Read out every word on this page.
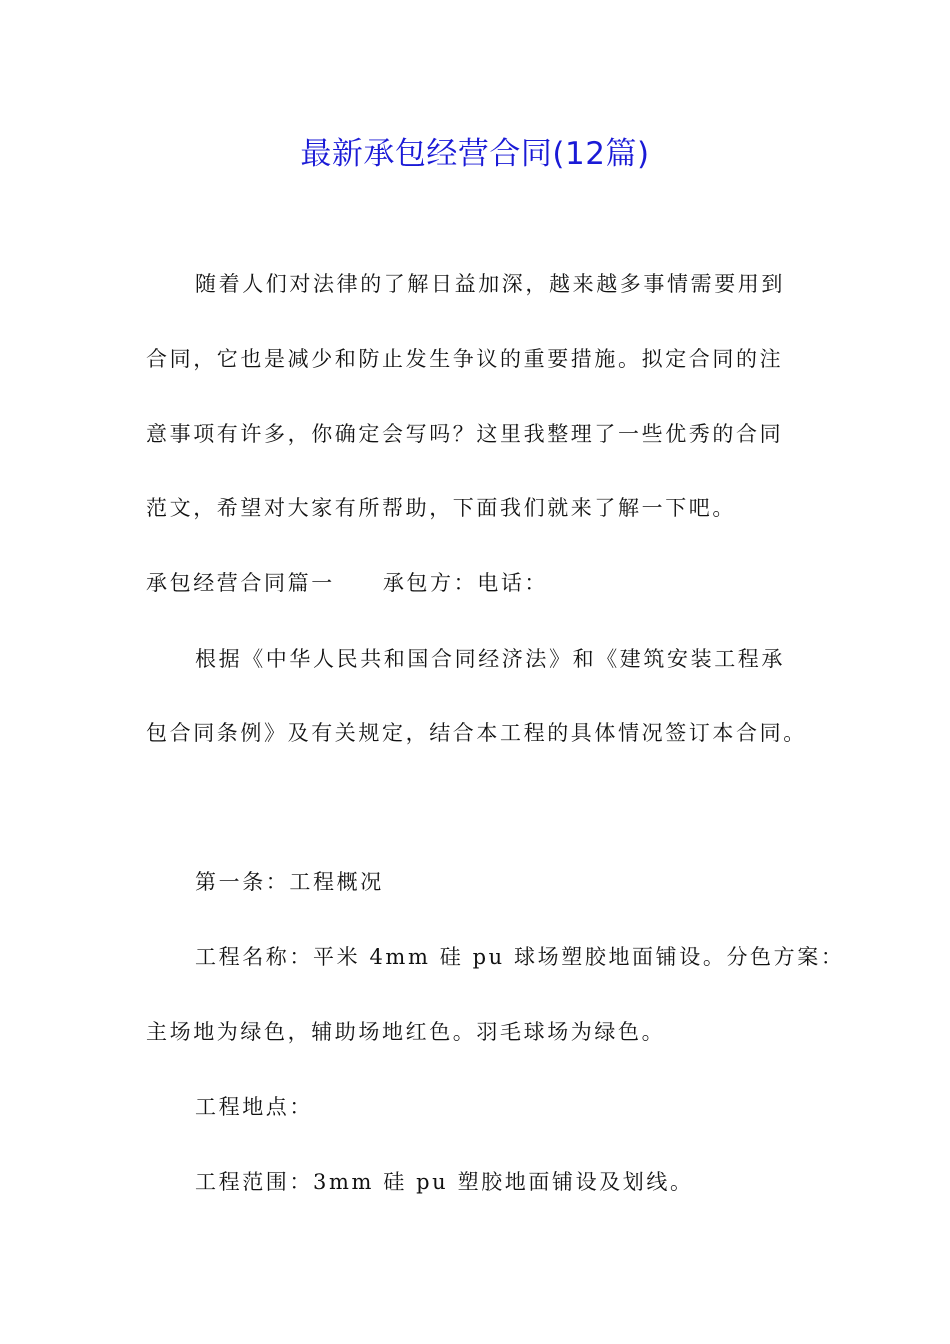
最新承包经营合同(12篇)
随着人们对法律的了解日益加深，越来越多事情需要用到
合同，它也是减少和防止发生争议的重要措施。拟定合同的注
意事项有许多，你确定会写吗？这里我整理了一些优秀的合同
范文，希望对大家有所帮助，下面我们就来了解一下吧。
承包经营合同篇一 承包方：电话：
根据《中华人民共和国合同经济法》和《建筑安装工程承
包合同条例》及有关规定，结合本工程的具体情况签订本合同。
第一条：工程概况
工程名称：平米 4mm 硅 pu 球场塑胶地面铺设。分色方案：
主场地为绿色，辅助场地红色。羽毛球场为绿色。
工程地点：
工程范围：3mm 硅 pu 塑胶地面铺设及划线。
